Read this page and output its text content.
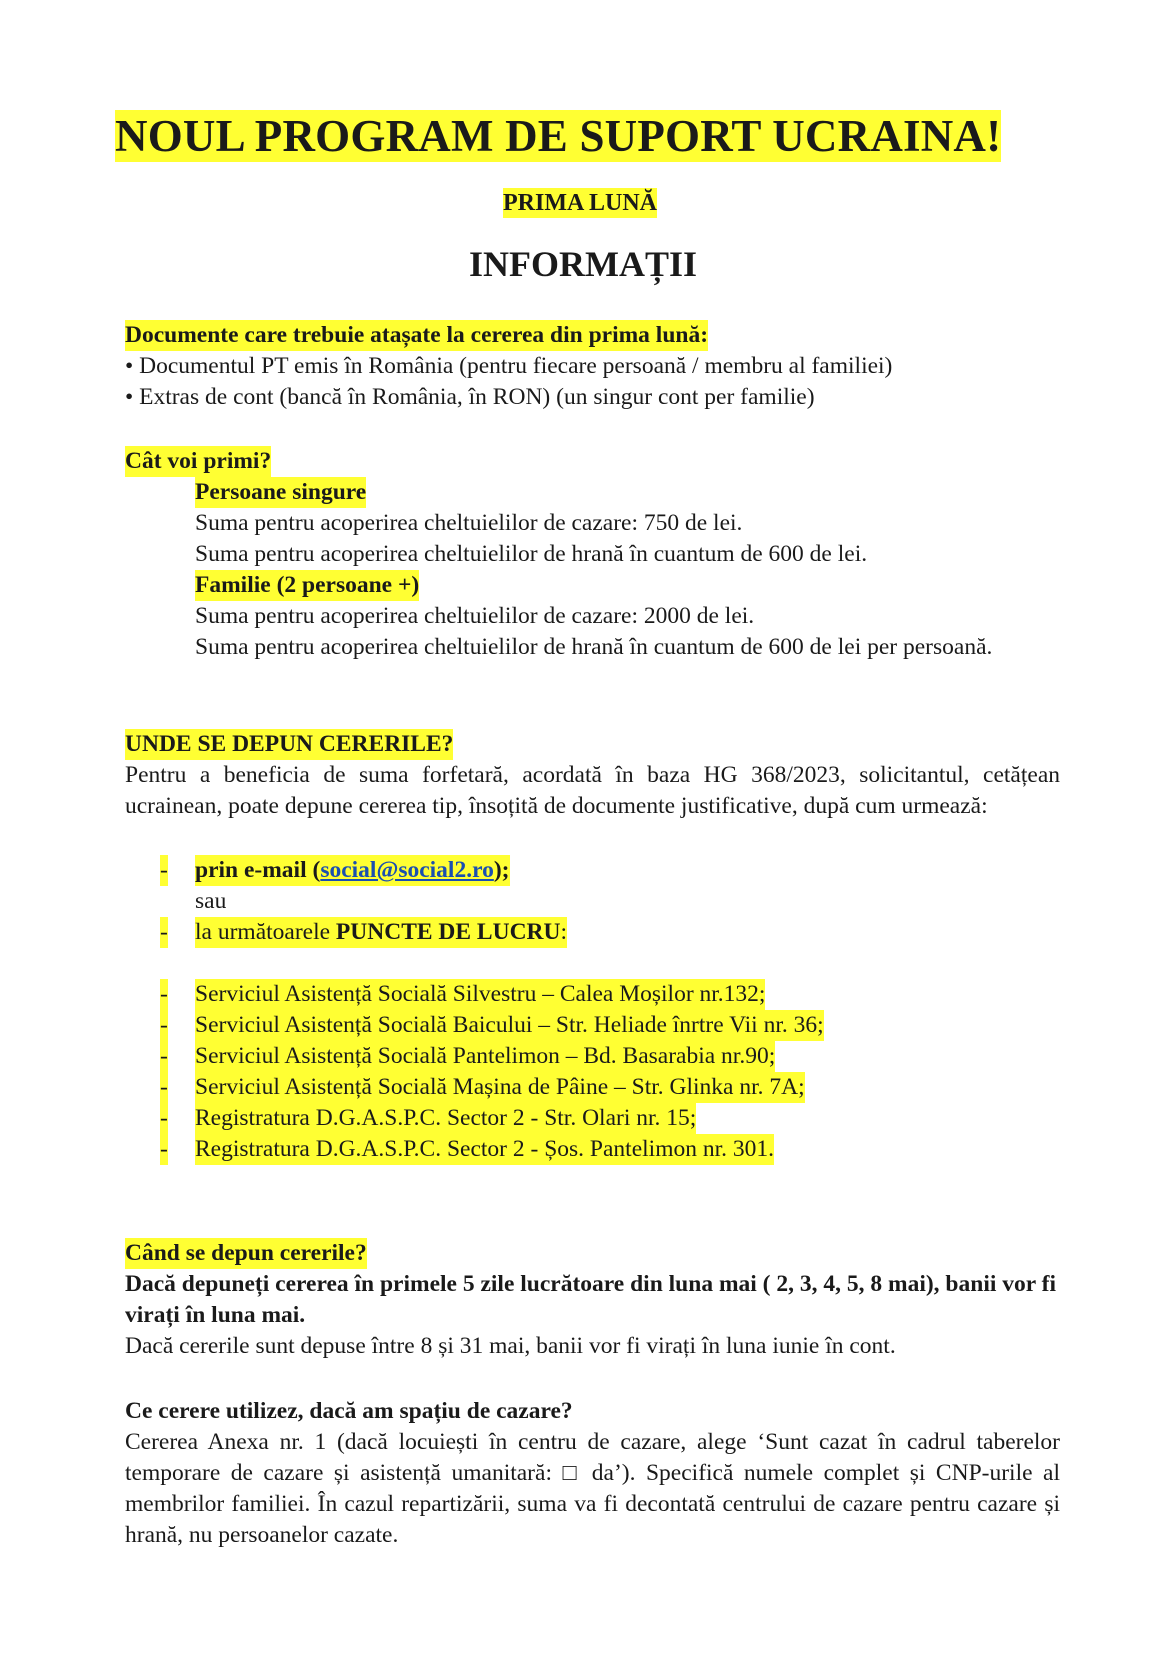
NOUL PROGRAM DE SUPORT UCRAINA!
PRIMA LUNĂ
INFORMAȚII
Documente care trebuie atașate la cererea din prima lună:
• Documentul PT emis în România (pentru fiecare persoană / membru al familiei)
• Extras de cont (bancă în România, în RON) (un singur cont per familie)
Cât voi primi?
Persoane singure
Suma pentru acoperirea cheltuielilor de cazare: 750 de lei.
Suma pentru acoperirea cheltuielilor de hrană în cuantum de 600 de lei.
Familie (2 persoane +)
Suma pentru acoperirea cheltuielilor de cazare: 2000 de lei.
Suma pentru acoperirea cheltuielilor de hrană în cuantum de 600 de lei per persoană.
UNDE SE DEPUN CERERILE?
Pentru a beneficia de suma forfetară, acordată în baza HG 368/2023, solicitantul, cetățean ucrainean, poate depune cererea tip, însoțită de documente justificative, după cum urmează:
- prin e-mail (social@social2.ro);
sau
- la următoarele PUNCTE DE LUCRU:
- Serviciul Asistență Socială Silvestru – Calea Moșilor nr.132;
- Serviciul Asistență Socială Baicului – Str. Heliade înrtre Vii nr. 36;
- Serviciul Asistență Socială Pantelimon – Bd. Basarabia nr.90;
- Serviciul Asistență Socială Mașina de Pâine – Str. Glinka nr. 7A;
- Registratura D.G.A.S.P.C. Sector 2 - Str. Olari nr. 15;
- Registratura D.G.A.S.P.C. Sector 2 - Șos. Pantelimon nr. 301.
Când se depun cererile?
Dacă depuneți cererea în primele 5 zile lucrătoare din luna mai ( 2, 3, 4, 5, 8 mai), banii vor fi virați în luna mai.
Dacă cererile sunt depuse între 8 și 31 mai, banii vor fi virați în luna iunie în cont.
Ce cerere utilizez, dacă am spațiu de cazare?
Cererea Anexa nr. 1 (dacă locuiești în centru de cazare, alege ‘Sunt cazat în cadrul taberelor temporare de cazare și asistență umanitară: □ da’). Specifică numele complet și CNP-urile al membrilor familiei. În cazul repartizării, suma va fi decontată centrului de cazare pentru cazare și hrană, nu persoanelor cazate.
